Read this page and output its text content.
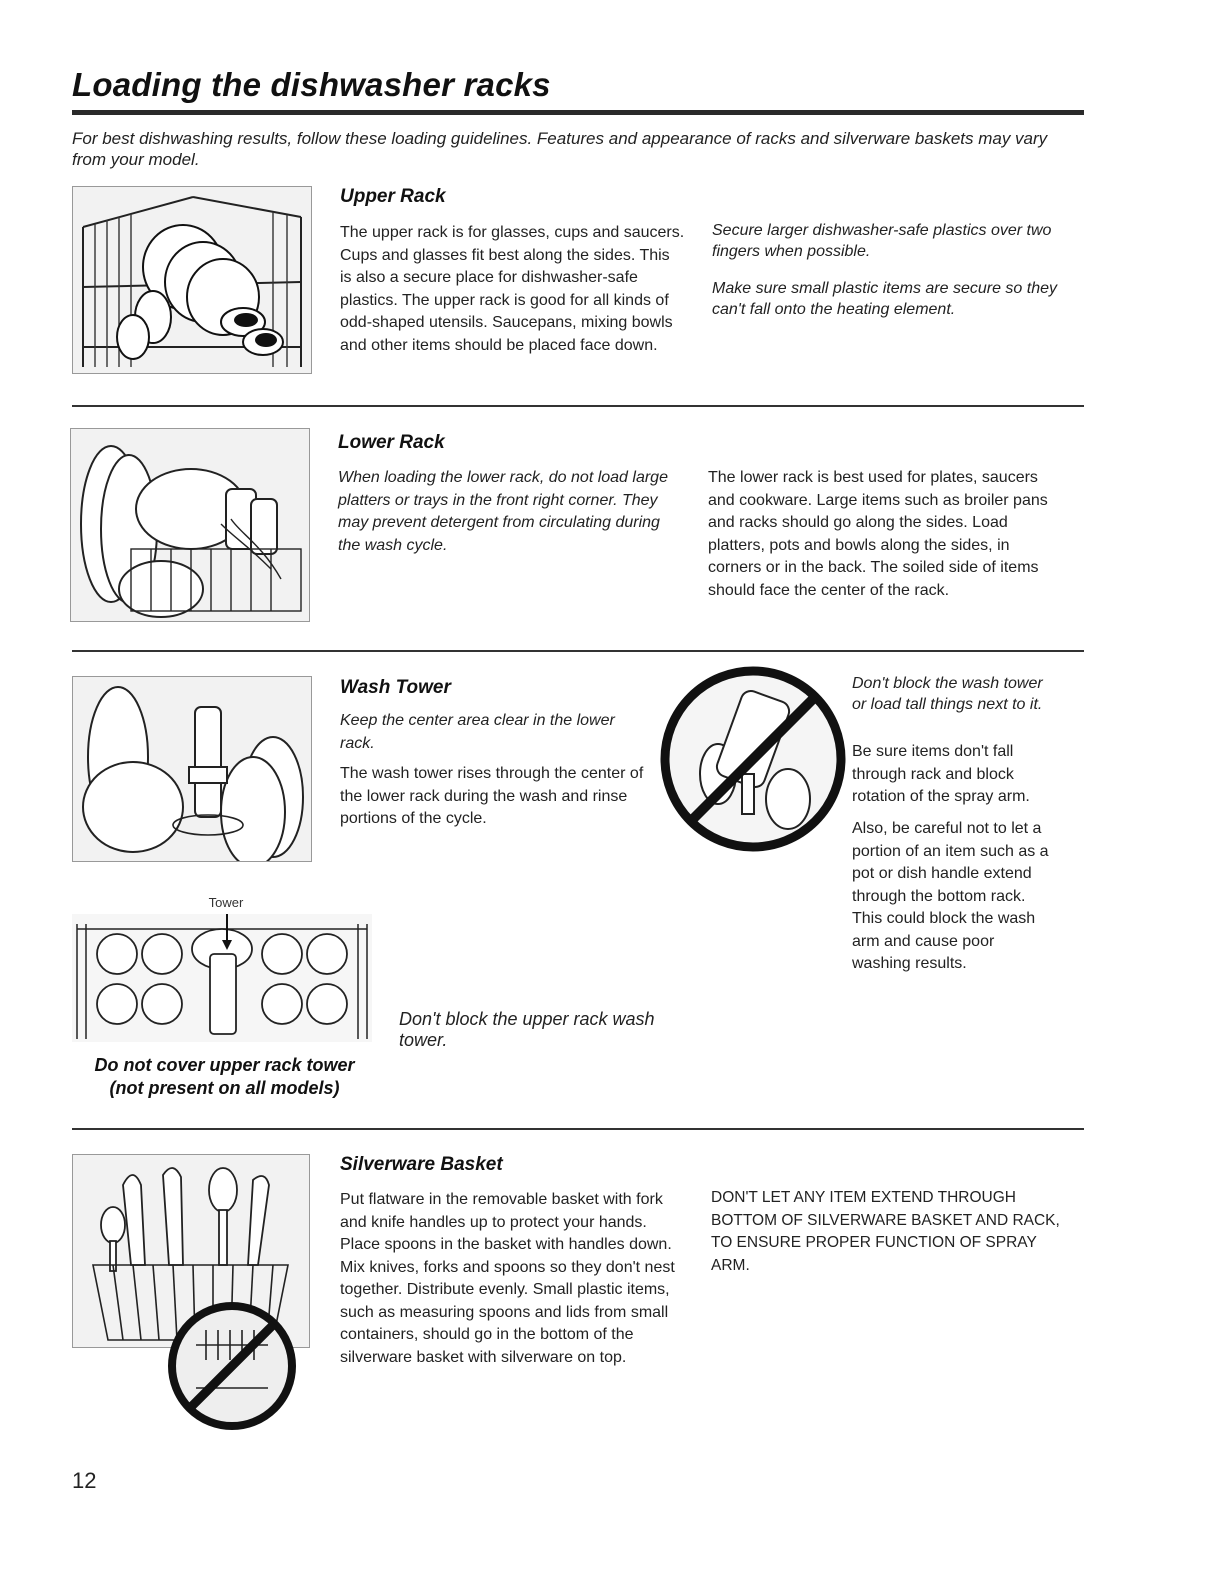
Loading the dishwasher racks
For best dishwashing results, follow these loading guidelines. Features and appearance of racks and silverware baskets may vary from your model.
Upper Rack
The upper rack is for glasses, cups and saucers. Cups and glasses fit best along the sides. This is also a secure place for dishwasher-safe plastics. The upper rack is good for all kinds of odd-shaped utensils. Saucepans, mixing bowls and other items should be placed face down.
Secure larger dishwasher-safe plastics over two fingers when possible.
Make sure small plastic items are secure so they can't fall onto the heating element.
Lower Rack
When loading the lower rack, do not load large platters or trays in the front right corner. They may prevent detergent from circulating during the wash cycle.
The lower rack is best used for plates, saucers and cookware. Large items such as broiler pans and racks should go along the sides. Load platters, pots and bowls along the sides, in corners or in the back. The soiled side of items should face the center of the rack.
Wash Tower
Keep the center area clear in the lower rack.
The wash tower rises through the center of the lower rack during the wash and rinse portions of the cycle.
Don't block the wash tower or load tall things next to it.
Be sure items don't fall through rack and block rotation of the spray arm.
Also, be careful not to let a portion of an item such as a pot or dish handle extend through the bottom rack. This could block the wash arm and cause poor washing results.
Tower
Don't block the upper rack wash tower.
Do not cover upper rack tower
(not present on all models)
Silverware Basket
Put flatware in the removable basket with fork and knife handles up to protect your hands. Place spoons in the basket with handles down. Mix knives, forks and spoons so they don't nest together. Distribute evenly. Small plastic items, such as measuring spoons and lids from small containers, should go in the bottom of the silverware basket with silverware on top.
DON'T LET ANY ITEM EXTEND THROUGH BOTTOM OF SILVERWARE BASKET AND RACK, TO ENSURE PROPER FUNCTION OF SPRAY ARM.
12
